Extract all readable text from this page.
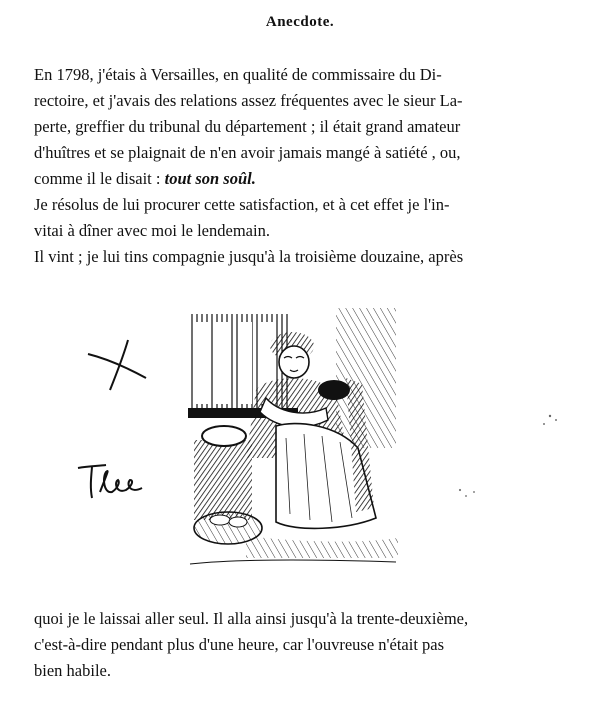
Anecdote.
En 1798, j'étais à Versailles, en qualité de commissaire du Di-
rectoire, et j'avais des relations assez fréquentes avec le sieur La-
perte, greffier du tribunal du département ; il était grand amateur
d'huîtres et se plaignait de n'en avoir jamais mangé à satiété , ou,
comme il le disait : tout son soûl.
Je résolus de lui procurer cette satisfaction, et à cet effet je l'in-
vitai à dîner avec moi le lendemain.
Il vint ; je lui tins compagnie jusqu'à la troisième douzaine, après
quoi je le laissai aller seul. Il alla ainsi jusqu'à la trente-deuxième,
c'est-à-dire pendant plus d'une heure, car l'ouvreuse n'était pas
bien habile.
